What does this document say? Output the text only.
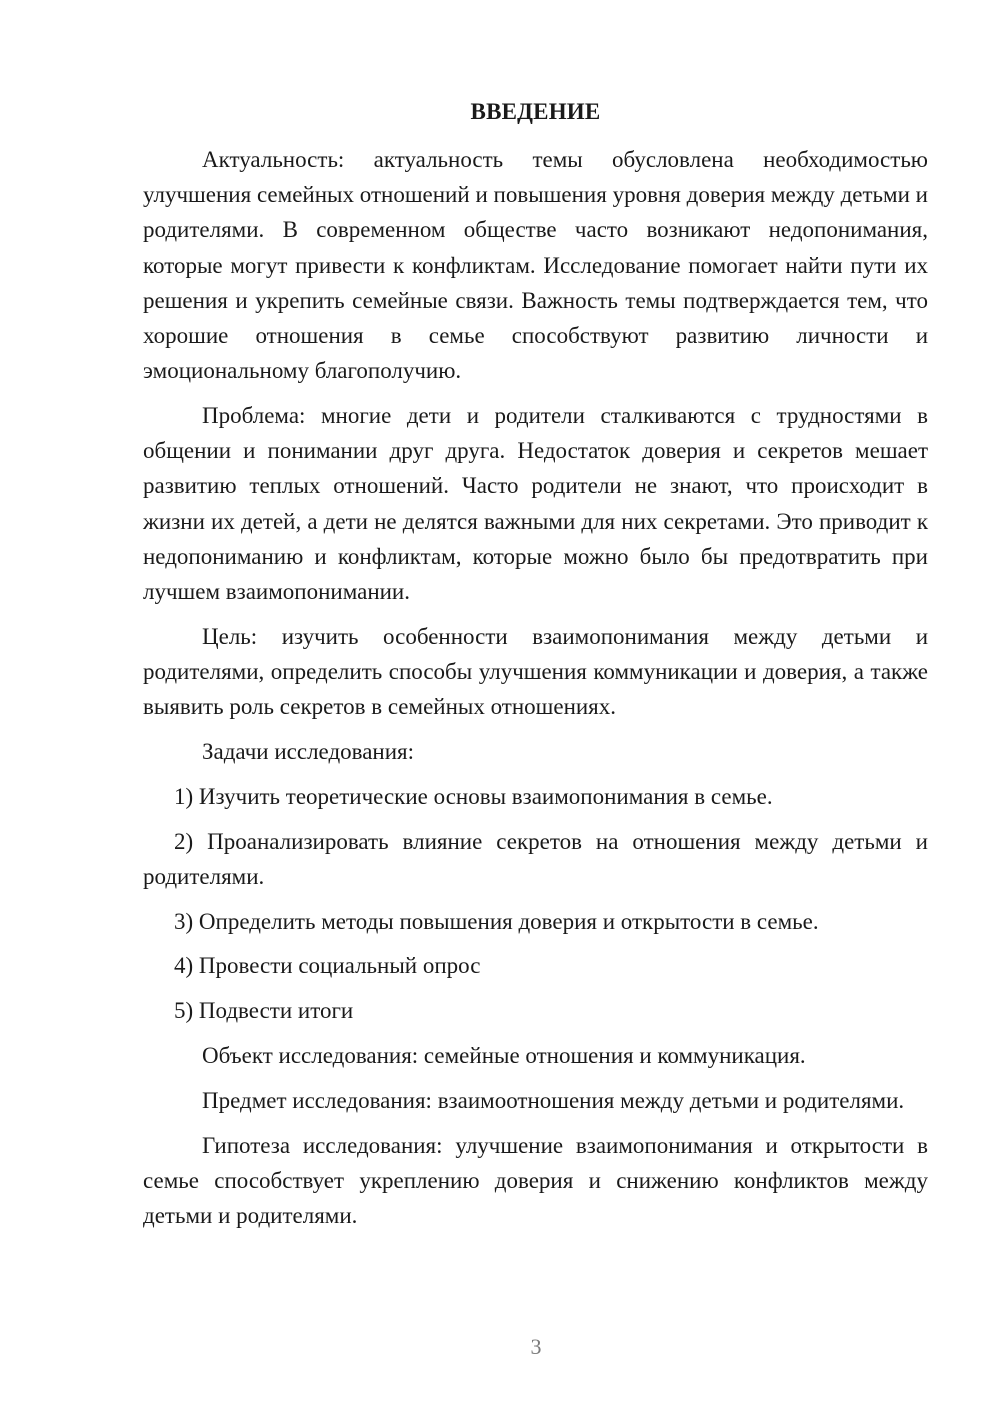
ВВЕДЕНИЕ

Актуальность: актуальность темы обусловлена необходимостью улучшения семейных отношений и повышения уровня доверия между детьми и родителями. В современном обществе часто возникают недопонимания, которые могут привести к конфликтам. Исследование помогает найти пути их решения и укрепить семейные связи. Важность темы подтверждается тем, что хорошие отношения в семье способствуют развитию личности и эмоциональному благополучию.

Проблема: многие дети и родители сталкиваются с трудностями в общении и понимании друг друга. Недостаток доверия и секретов мешает развитию теплых отношений. Часто родители не знают, что происходит в жизни их детей, а дети не делятся важными для них секретами. Это приводит к недопониманию и конфликтам, которые можно было бы предотвратить при лучшем взаимопонимании.

Цель: изучить особенности взаимопонимания между детьми и родителями, определить способы улучшения коммуникации и доверия, а также выявить роль секретов в семейных отношениях.

Задачи исследования:

1) Изучить теоретические основы взаимопонимания в семье.

2) Проанализировать влияние секретов на отношения между детьми и родителями.

3) Определить методы повышения доверия и открытости в семье.

4) Провести социальный опрос

5) Подвести итоги

Объект исследования: семейные отношения и коммуникация.

Предмет исследования: взаимоотношения между детьми и родителями.

Гипотеза исследования: улучшение взаимопонимания и открытости в семье способствует укреплению доверия и снижению конфликтов между детьми и родителями.

3
